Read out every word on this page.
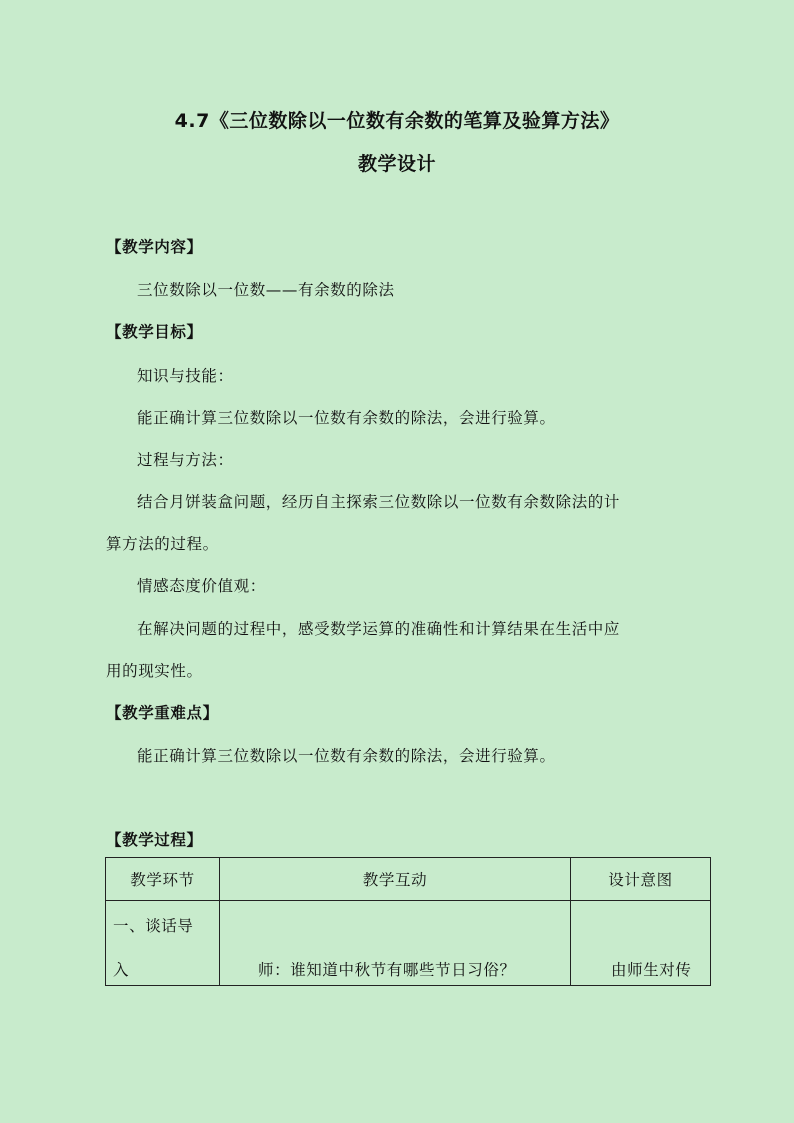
4.7《三位数除以一位数有余数的笔算及验算方法》
教学设计
【教学内容】
三位数除以一位数——有余数的除法
【教学目标】
知识与技能：
能正确计算三位数除以一位数有余数的除法，会进行验算。
过程与方法：
结合月饼装盒问题，经历自主探索三位数除以一位数有余数除法的计
算方法的过程。
情感态度价值观：
在解决问题的过程中，感受数学运算的准确性和计算结果在生活中应
用的现实性。
【教学重难点】
能正确计算三位数除以一位数有余数的除法，会进行验算。
【教学过程】
教学环节	教学互动	设计意图

一、谈话导
入	师：谁知道中秋节有哪些节日习俗？	由师生对传
